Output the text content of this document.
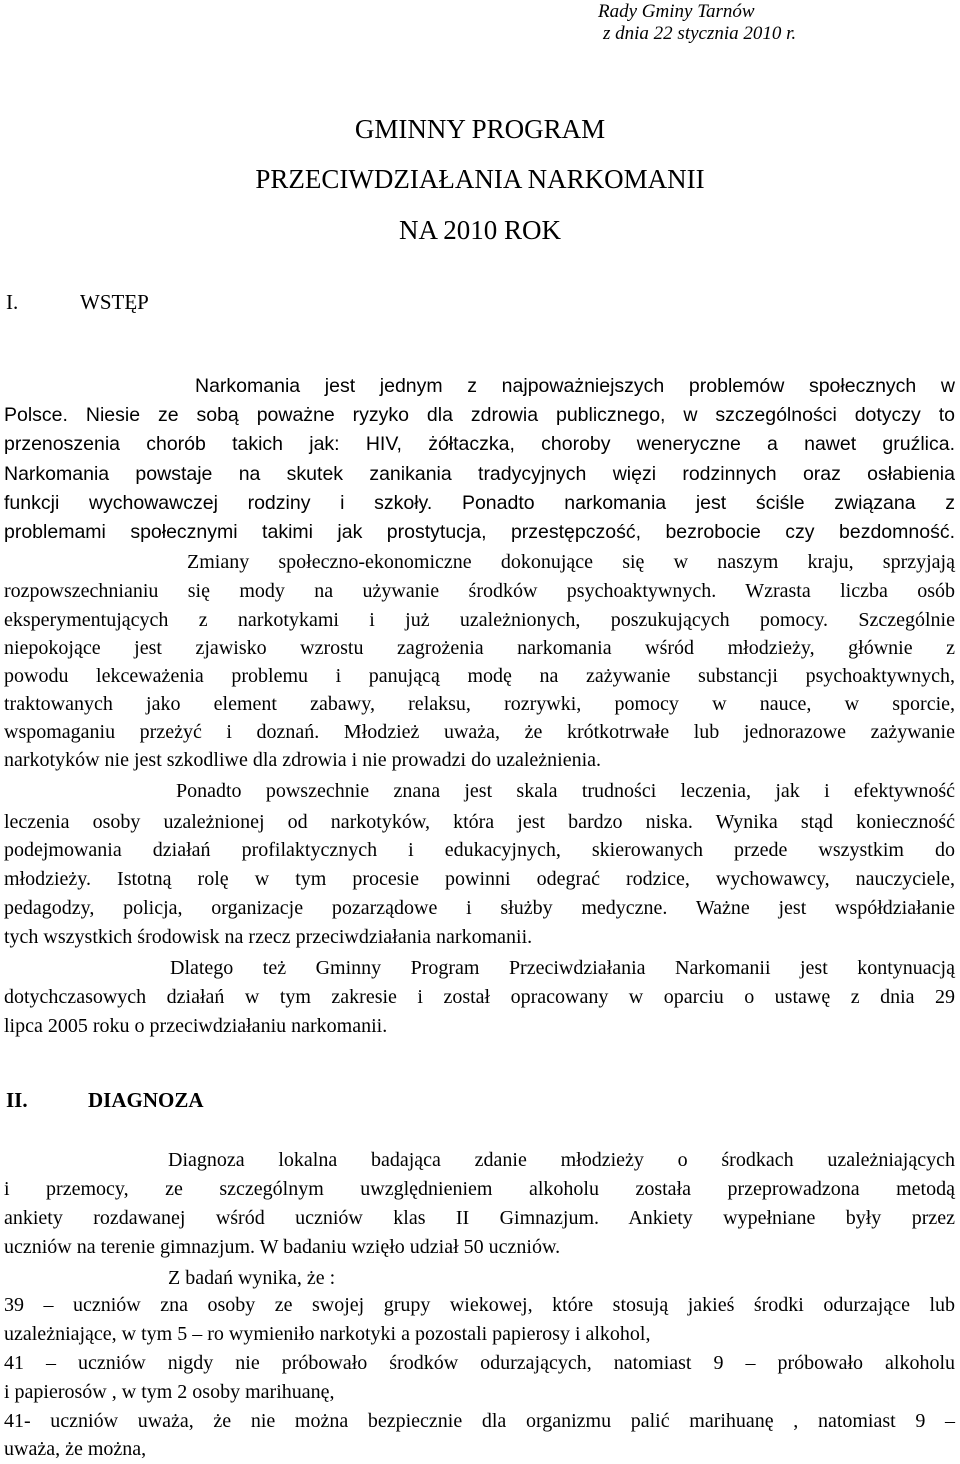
Rady Gminy Tarnów
z dnia 22 stycznia 2010 r.
GMINNY PROGRAM
PRZECIWDZIAŁANIA NARKOMANII
NA 2010 ROK
I.	WSTĘP
Narkomania jest jednym z najpoważniejszych problemów społecznych w
Polsce. Niesie ze sobą poważne ryzyko dla zdrowia publicznego, w szczególności dotyczy to
przenoszenia chorób takich jak: HIV, żółtaczka, choroby weneryczne a nawet gruźlica.
Narkomania powstaje na skutek zanikania tradycyjnych więzi rodzinnych oraz osłabienia
funkcji wychowawczej rodziny i szkoły. Ponadto narkomania jest ściśle związana z
problemami społecznymi takimi jak prostytucja, przestępczość, bezrobocie czy bezdomność.
Zmiany społeczno-ekonomiczne dokonujące się w naszym kraju, sprzyjają
rozpowszechnianiu się mody na używanie środków psychoaktywnych. Wzrasta liczba osób
eksperymentujących z narkotykami i już uzależnionych, poszukujących pomocy. Szczególnie
niepokojące jest zjawisko wzrostu zagrożenia narkomania wśród młodzieży, głównie z
powodu lekceważenia problemu i panującą modę na zażywanie substancji psychoaktywnych,
traktowanych jako element zabawy, relaksu, rozrywki, pomocy w nauce, w sporcie,
wspomaganiu przeżyć i doznań. Młodzież uważa, że krótkotrwałe lub jednorazowe zażywanie
narkotyków nie jest szkodliwe dla zdrowia i nie prowadzi do uzależnienia.
Ponadto powszechnie znana jest skala trudności leczenia, jak i efektywność
leczenia osoby uzależnionej od narkotyków, która jest bardzo niska. Wynika stąd konieczność
podejmowania działań profilaktycznych i edukacyjnych, skierowanych przede wszystkim do
młodzieży. Istotną rolę w tym procesie powinni odegrać rodzice, wychowawcy, nauczyciele,
pedagodzy, policja, organizacje pozarządowe i służby medyczne. Ważne jest współdziałanie
tych wszystkich środowisk na rzecz przeciwdziałania narkomanii.
Dlatego też Gminny Program Przeciwdziałania Narkomanii jest kontynuacją
dotychczasowych działań w tym zakresie i został opracowany w oparciu o ustawę z dnia 29
lipca 2005 roku o przeciwdziałaniu narkomanii.
II.	DIAGNOZA
Diagnoza lokalna badająca zdanie młodzieży o środkach uzależniających
i przemocy, ze szczególnym uwzględnieniem alkoholu została przeprowadzona metodą
ankiety rozdawanej wśród uczniów klas II Gimnazjum. Ankiety wypełniane były przez
uczniów na terenie gimnazjum. W badaniu wzięło udział 50 uczniów.
Z badań wynika, że :
39 – uczniów zna osoby ze swojej grupy wiekowej, które stosują jakieś środki odurzające lub
uzależniające, w tym 5 – ro wymieniło narkotyki a pozostali papierosy i alkohol,
41 – uczniów nigdy nie próbowało środków odurzających, natomiast 9 – próbowało alkoholu
i papierosów , w tym 2 osoby marihuanę,
41- uczniów uważa, że nie można bezpiecznie dla organizmu palić marihuanę , natomiast 9 –
uważa, że można,
